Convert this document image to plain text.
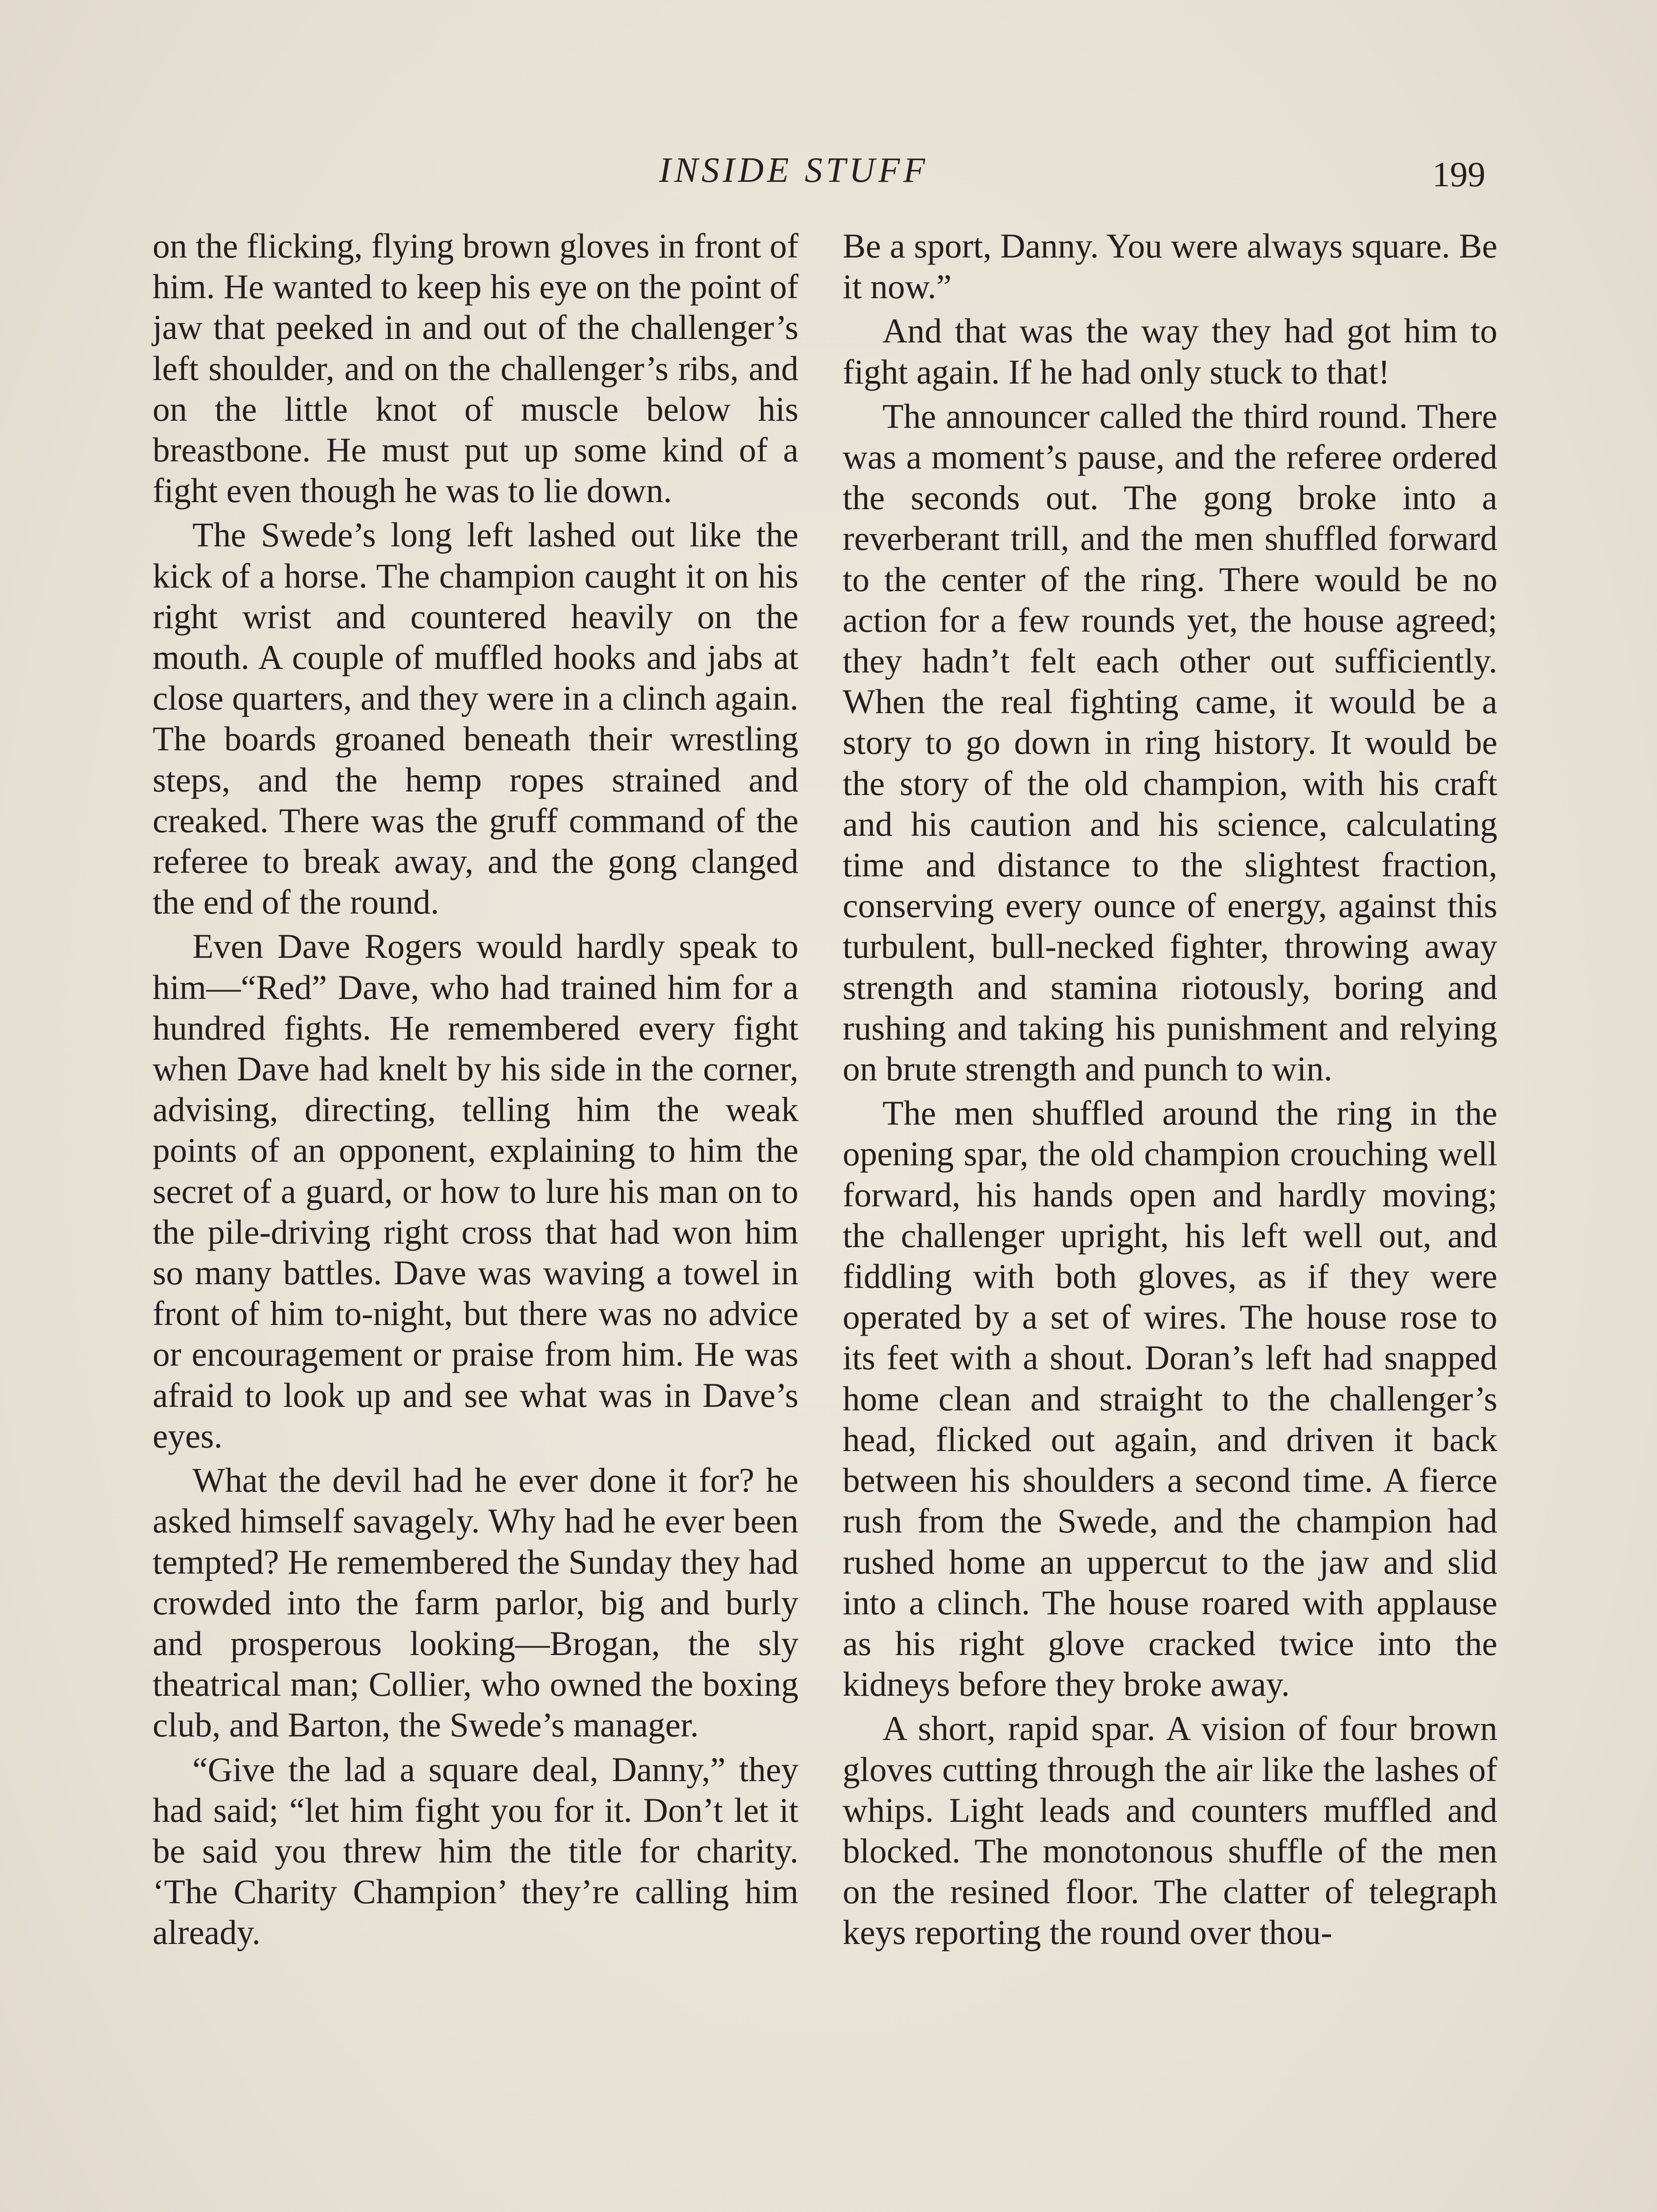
INSIDE STUFF	199

on the flicking, flying brown gloves in front of him. He wanted to keep his eye on the point of jaw that peeked in and out of the challenger’s left shoulder, and on the challenger’s ribs, and on the little knot of muscle below his breastbone. He must put up some kind of a fight even though he was to lie down.

The Swede’s long left lashed out like the kick of a horse. The champion caught it on his right wrist and countered heavily on the mouth. A couple of muffled hooks and jabs at close quarters, and they were in a clinch again. The boards groaned beneath their wrestling steps, and the hemp ropes strained and creaked. There was the gruff command of the referee to break away, and the gong clanged the end of the round.

Even Dave Rogers would hardly speak to him—“Red” Dave, who had trained him for a hundred fights. He remembered every fight when Dave had knelt by his side in the corner, advising, directing, telling him the weak points of an opponent, explaining to him the secret of a guard, or how to lure his man on to the pile-driving right cross that had won him so many battles. Dave was waving a towel in front of him to-night, but there was no advice or encouragement or praise from him. He was afraid to look up and see what was in Dave’s eyes.

What the devil had he ever done it for? he asked himself savagely. Why had he ever been tempted? He remembered the Sunday they had crowded into the farm parlor, big and burly and prosperous looking—Brogan, the sly theatrical man; Collier, who owned the boxing club, and Barton, the Swede’s manager.

“Give the lad a square deal, Danny,” they had said; “let him fight you for it. Don’t let it be said you threw him the title for charity. ‘The Charity Champion’ they’re calling him already.

Be a sport, Danny. You were always square. Be it now.”

And that was the way they had got him to fight again. If he had only stuck to that!

The announcer called the third round. There was a moment’s pause, and the referee ordered the seconds out. The gong broke into a reverberant trill, and the men shuffled forward to the center of the ring. There would be no action for a few rounds yet, the house agreed; they hadn’t felt each other out sufficiently. When the real fighting came, it would be a story to go down in ring history. It would be the story of the old champion, with his craft and his caution and his science, calculating time and distance to the slightest fraction, conserving every ounce of energy, against this turbulent, bull-necked fighter, throwing away strength and stamina riotously, boring and rushing and taking his punishment and relying on brute strength and punch to win.

The men shuffled around the ring in the opening spar, the old champion crouching well forward, his hands open and hardly moving; the challenger upright, his left well out, and fiddling with both gloves, as if they were operated by a set of wires. The house rose to its feet with a shout. Doran’s left had snapped home clean and straight to the challenger’s head, flicked out again, and driven it back between his shoulders a second time. A fierce rush from the Swede, and the champion had rushed home an uppercut to the jaw and slid into a clinch. The house roared with applause as his right glove cracked twice into the kidneys before they broke away.

A short, rapid spar. A vision of four brown gloves cutting through the air like the lashes of whips. Light leads and counters muffled and blocked. The monotonous shuffle of the men on the resined floor. The clatter of telegraph keys reporting the round over thou-
